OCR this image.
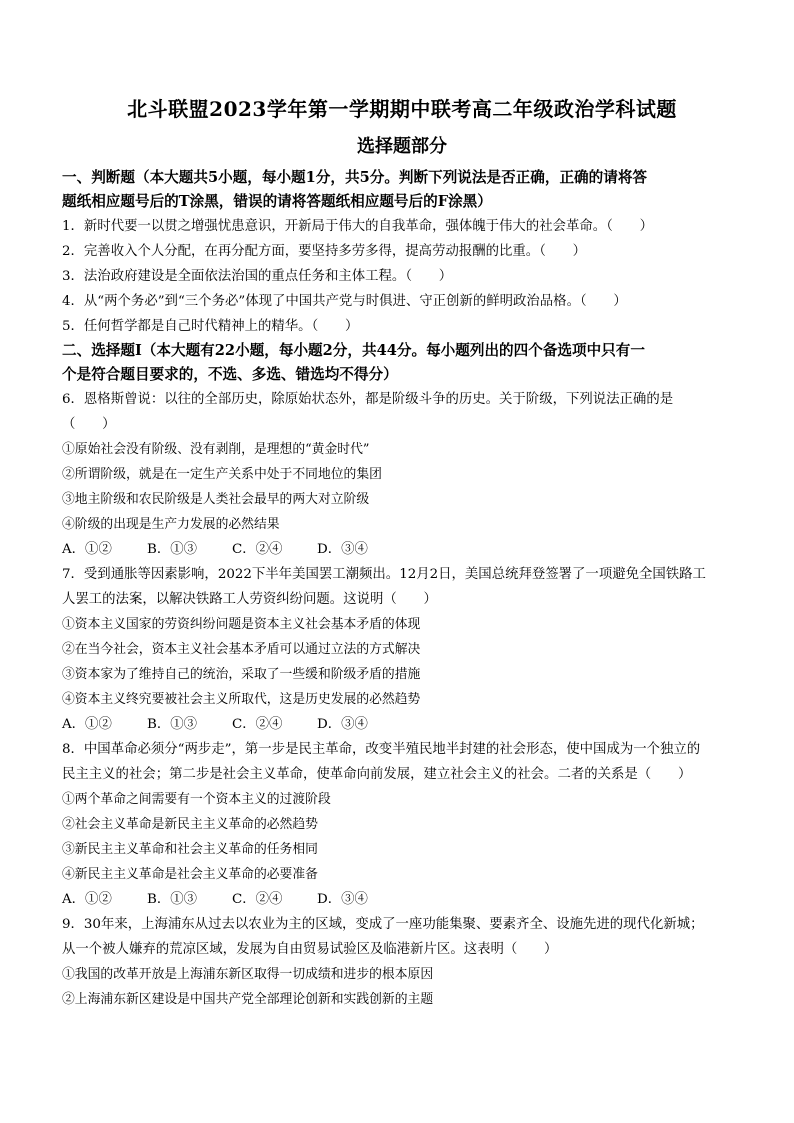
北斗联盟2023学年第一学期期中联考高二年级政治学科试题
选择题部分

一、判断题（本大题共5小题，每小题1分，共5分。判断下列说法是否正确，正确的请将答

题纸相应题号后的T涂黑，错误的请将答题纸相应题号后的F涂黑）

1．新时代要一以贯之增强忧患意识，开新局于伟大的自我革命，强体魄于伟大的社会革命。（　　）

2．完善收入个人分配，在再分配方面，要坚持多劳多得，提高劳动报酬的比重。（　　）

3．法治政府建设是全面依法治国的重点任务和主体工程。（　　）

4．从“两个务必”到“三个务必”体现了中国共产党与时俱进、守正创新的鲜明政治品格。（　　）

5．任何哲学都是自己时代精神上的精华。（　　）

二、选择题Ⅰ（本大题有22小题，每小题2分，共44分。每小题列出的四个备选项中只有一

个是符合题目要求的，不选、多选、错选均不得分）

6．恩格斯曾说：以往的全部历史，除原始状态外，都是阶级斗争的历史。关于阶级，下列说法正确的是

（　　）

①原始社会没有阶级、没有剥削，是理想的“黄金时代”

②所谓阶级，就是在一定生产关系中处于不同地位的集团

③地主阶级和农民阶级是人类社会最早的两大对立阶级

④阶级的出现是生产力发展的必然结果

A．①②	B．①③	C．②④	D．③④

7．受到通胀等因素影响，2022下半年美国罢工潮频出。12月2日，美国总统拜登签署了一项避免全国铁路工

人罢工的法案，以解决铁路工人劳资纠纷问题。这说明（　　）

①资本主义国家的劳资纠纷问题是资本主义社会基本矛盾的体现

②在当今社会，资本主义社会基本矛盾可以通过立法的方式解决

③资本家为了维持自己的统治，采取了一些缓和阶级矛盾的措施

④资本主义终究要被社会主义所取代，这是历史发展的必然趋势

A．①②	B．①③	C．②④	D．③④

8．中国革命必须分“两步走”，第一步是民主革命，改变半殖民地半封建的社会形态，使中国成为一个独立的

民主主义的社会；第二步是社会主义革命，使革命向前发展，建立社会主义的社会。二者的关系是（　　）

①两个革命之间需要有一个资本主义的过渡阶段

②社会主义革命是新民主主义革命的必然趋势

③新民主主义革命和社会主义革命的任务相同

④新民主主义革命是社会主义革命的必要准备

A．①②	B．①③	C．②④	D．③④

9．30年来，上海浦东从过去以农业为主的区域，变成了一座功能集聚、要素齐全、设施先进的现代化新城；

从一个被人嫌弃的荒凉区域，发展为自由贸易试验区及临港新片区。这表明（　　）

①我国的改革开放是上海浦东新区取得一切成绩和进步的根本原因

②上海浦东新区建设是中国共产党全部理论创新和实践创新的主题
